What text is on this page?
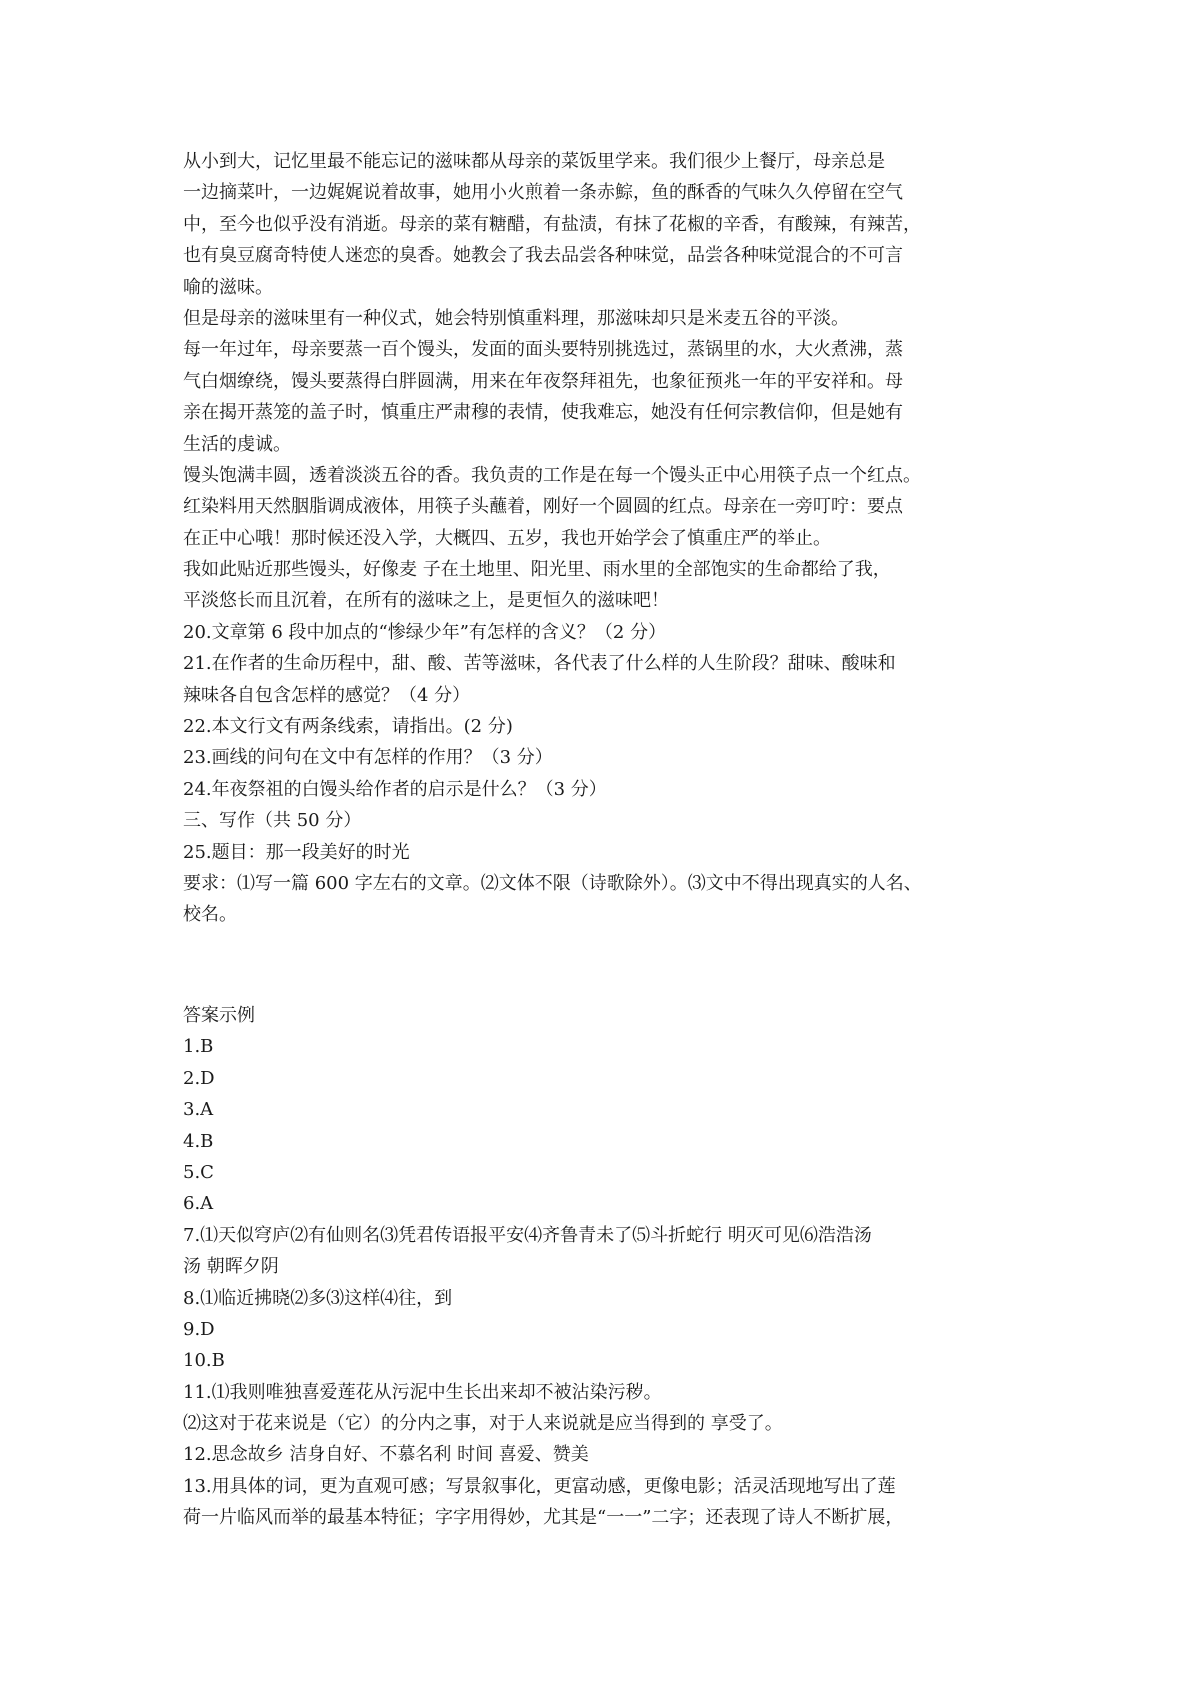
从小到大，记忆里最不能忘记的滋味都从母亲的菜饭里学来。我们很少上餐厅，母亲总是
一边摘菜叶，一边娓娓说着故事，她用小火煎着一条赤鯮，鱼的酥香的气味久久停留在空气
中，至今也似乎没有消逝。母亲的菜有糖醋，有盐渍，有抹了花椒的辛香，有酸辣，有辣苦，
也有臭豆腐奇特使人迷恋的臭香。她教会了我去品尝各种味觉，品尝各种味觉混合的不可言
喻的滋味。
但是母亲的滋味里有一种仪式，她会特别慎重料理，那滋味却只是米麦五谷的平淡。
每一年过年，母亲要蒸一百个馒头，发面的面头要特别挑选过，蒸锅里的水，大火煮沸，蒸
气白烟缭绕，馒头要蒸得白胖圆满，用来在年夜祭拜祖先，也象征预兆一年的平安祥和。母
亲在揭开蒸笼的盖子时，慎重庄严肃穆的表情，使我难忘，她没有任何宗教信仰，但是她有
生活的虔诚。
馒头饱满丰圆，透着淡淡五谷的香。我负责的工作是在每一个馒头正中心用筷子点一个红点。
红染料用天然胭脂调成液体，用筷子头蘸着，刚好一个圆圆的红点。母亲在一旁叮咛：要点
在正中心哦！那时候还没入学，大概四、五岁，我也开始学会了慎重庄严的举止。
我如此贴近那些馒头，好像麦 子在土地里、阳光里、雨水里的全部饱实的生命都给了我，
平淡悠长而且沉着，在所有的滋味之上，是更恒久的滋味吧！
20.文章第 6 段中加点的“惨绿少年”有怎样的含义？（2 分）
21.在作者的生命历程中，甜、酸、苦等滋味，各代表了什么样的人生阶段？甜味、酸味和
辣味各自包含怎样的感觉？（4 分）
22.本文行文有两条线索，请指出。(2 分)
23.画线的问句在文中有怎样的作用？（3 分）
24.年夜祭祖的白馒头给作者的启示是什么？（3 分）
三、写作（共 50 分）
25.题目：那一段美好的时光
要求：⑴写一篇 600 字左右的文章。⑵文体不限（诗歌除外）。⑶文中不得出现真实的人名、
校名。
答案示例
1.B
2.D
3.A
4.B
5.C
6.A
7.⑴天似穹庐⑵有仙则名⑶凭君传语报平安⑷齐鲁青未了⑸斗折蛇行 明灭可见⑹浩浩汤
汤 朝晖夕阴
8.⑴临近拂晓⑵多⑶这样⑷往，到
9.D
10.B
11.⑴我则唯独喜爱莲花从污泥中生长出来却不被沾染污秽。
⑵这对于花来说是（它）的分内之事，对于人来说就是应当得到的 享受了。
12.思念故乡 洁身自好、不慕名利 时间 喜爱、赞美
13.用具体的词，更为直观可感；写景叙事化，更富动感，更像电影；活灵活现地写出了莲
荷一片临风而举的最基本特征；字字用得妙，尤其是“一一”二字；还表现了诗人不断扩展，
